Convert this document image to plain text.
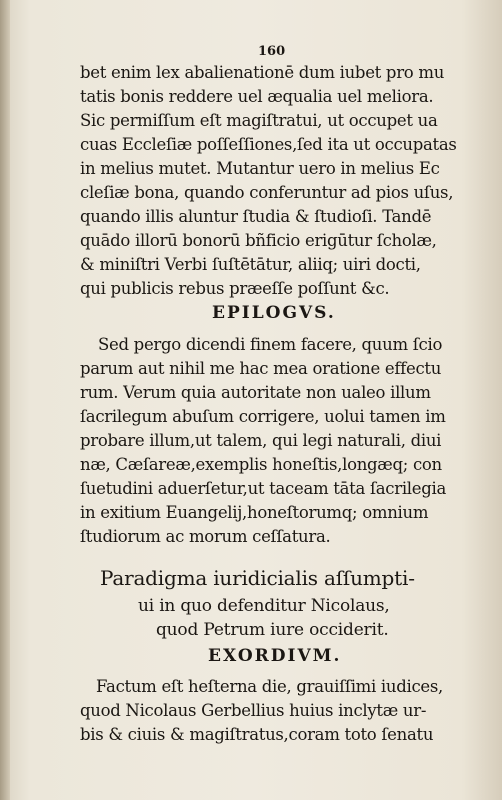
160
bet enim lex abalienationē dum iubet pro mu
tatis bonis reddere uel æqualia uel meliora.
Sic permiſſum eſt magiſtratui, ut occupet ua
cuas Eccleſiæ poſſeſſiones,ſed ita ut occupatas
in melius mutet. Mutantur uero in melius Ec
cleſiæ bona, quando conferuntur ad pios uſus,
quando illis aluntur ſtudia & ſtudioſi. Tandē
quādo illorū bonorū bñficio erigūtur ſcholæ,
& miniſtri Verbi ſuſtētātur, aliiq; uiri docti,
qui publicis rebus præeſſe poſſunt &c.
EPILOGVS.
Sed pergo dicendi finem facere, quum ſcio
parum aut nihil me hac mea oratione effectu
rum. Verum quia autoritate non ualeo illum
ſacrilegum abuſum corrigere, uolui tamen im
probare illum,ut talem, qui legi naturali, diui
næ, Cæſareæ,exemplis honeſtis,longæq; con
ſuetudini aduerſetur,ut taceam tāta ſacrilegia
in exitium Euangelij,honeſtorumq; omnium
ſtudiorum ac morum ceſſatura.
Paradigma iuridicialis aſſumpti-
ui in quo defenditur Nicolaus,
quod Petrum iure occiderit.
EXORDIVM.
Factum eſt heſterna die, grauiſſimi iudices,
quod Nicolaus Gerbellius huius inclytæ ur-
bis & ciuis & magiſtratus,coram toto ſenatu
